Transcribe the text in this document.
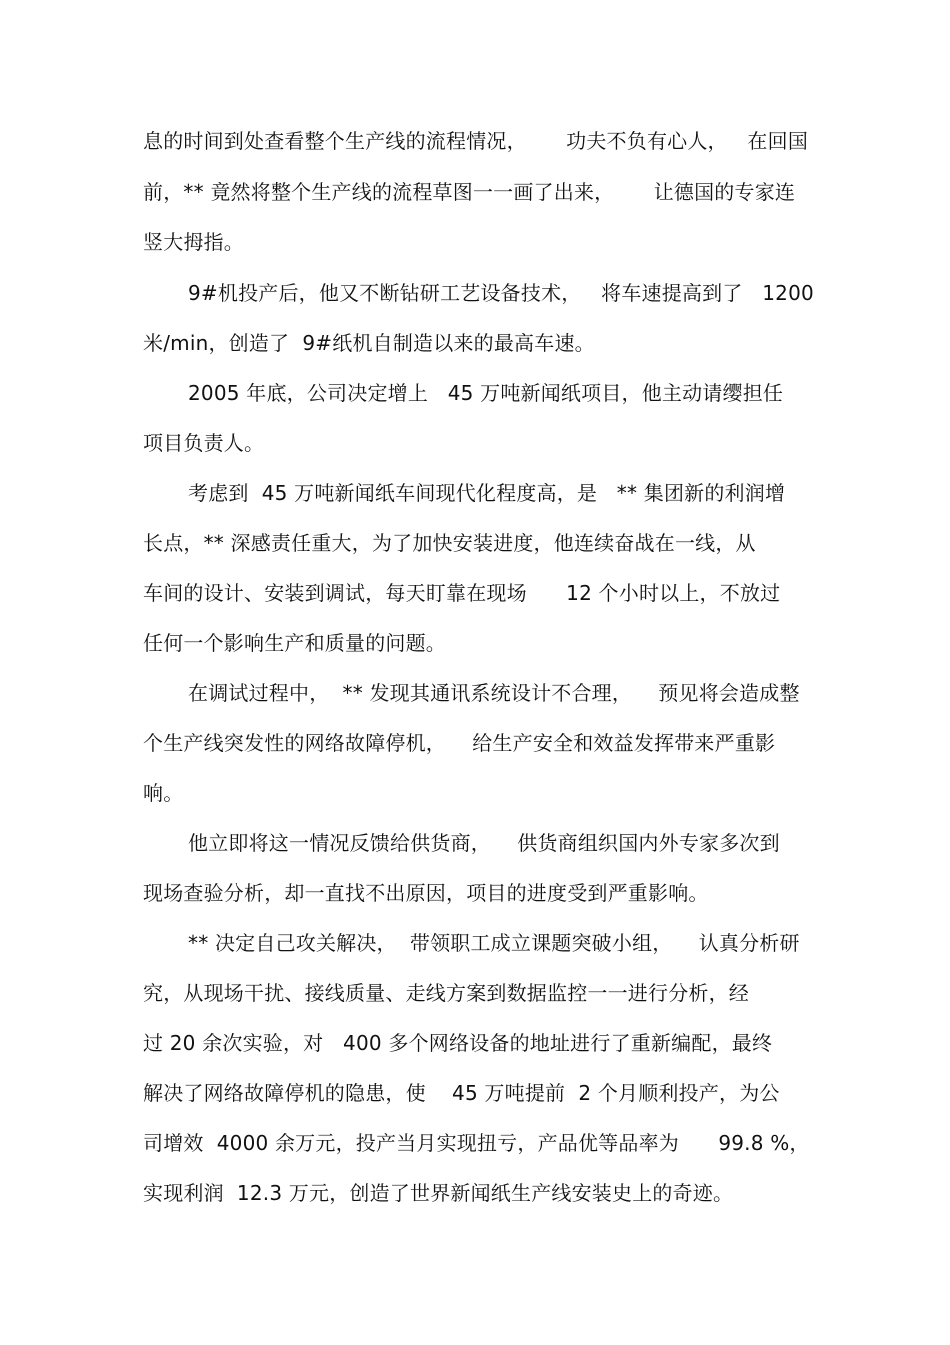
息的时间到处查看整个生产线的流程情况，      功夫不负有心人，   在回国
前，** 竟然将整个生产线的流程草图一一画了出来，      让德国的专家连
竖大拇指。
9#机投产后，他又不断钻研工艺设备技术，   将车速提高到了   1200
米/min，创造了  9#纸机自制造以来的最高车速。
2005 年底，公司决定增上   45 万吨新闻纸项目，他主动请缨担任
项目负责人。
考虑到  45 万吨新闻纸车间现代化程度高，是   ** 集团新的利润增
长点，** 深感责任重大，为了加快安装进度，他连续奋战在一线，从
车间的设计、安装到调试，每天盯靠在现场      12 个小时以上，不放过
任何一个影响生产和质量的问题。
在调试过程中，  ** 发现其通讯系统设计不合理，    预见将会造成整
个生产线突发性的网络故障停机，    给生产安全和效益发挥带来严重影
响。
他立即将这一情况反馈给供货商，    供货商组织国内外专家多次到
现场查验分析，却一直找不出原因，项目的进度受到严重影响。
** 决定自己攻关解决，  带领职工成立课题突破小组，    认真分析研
究，从现场干扰、接线质量、走线方案到数据监控一一进行分析，经
过 20 余次实验，对   400 多个网络设备的地址进行了重新编配，最终
解决了网络故障停机的隐患，使    45 万吨提前  2 个月顺利投产，为公
司增效  4000 余万元，投产当月实现扭亏，产品优等品率为      99.8 %，
实现利润  12.3 万元，创造了世界新闻纸生产线安装史上的奇迹。
